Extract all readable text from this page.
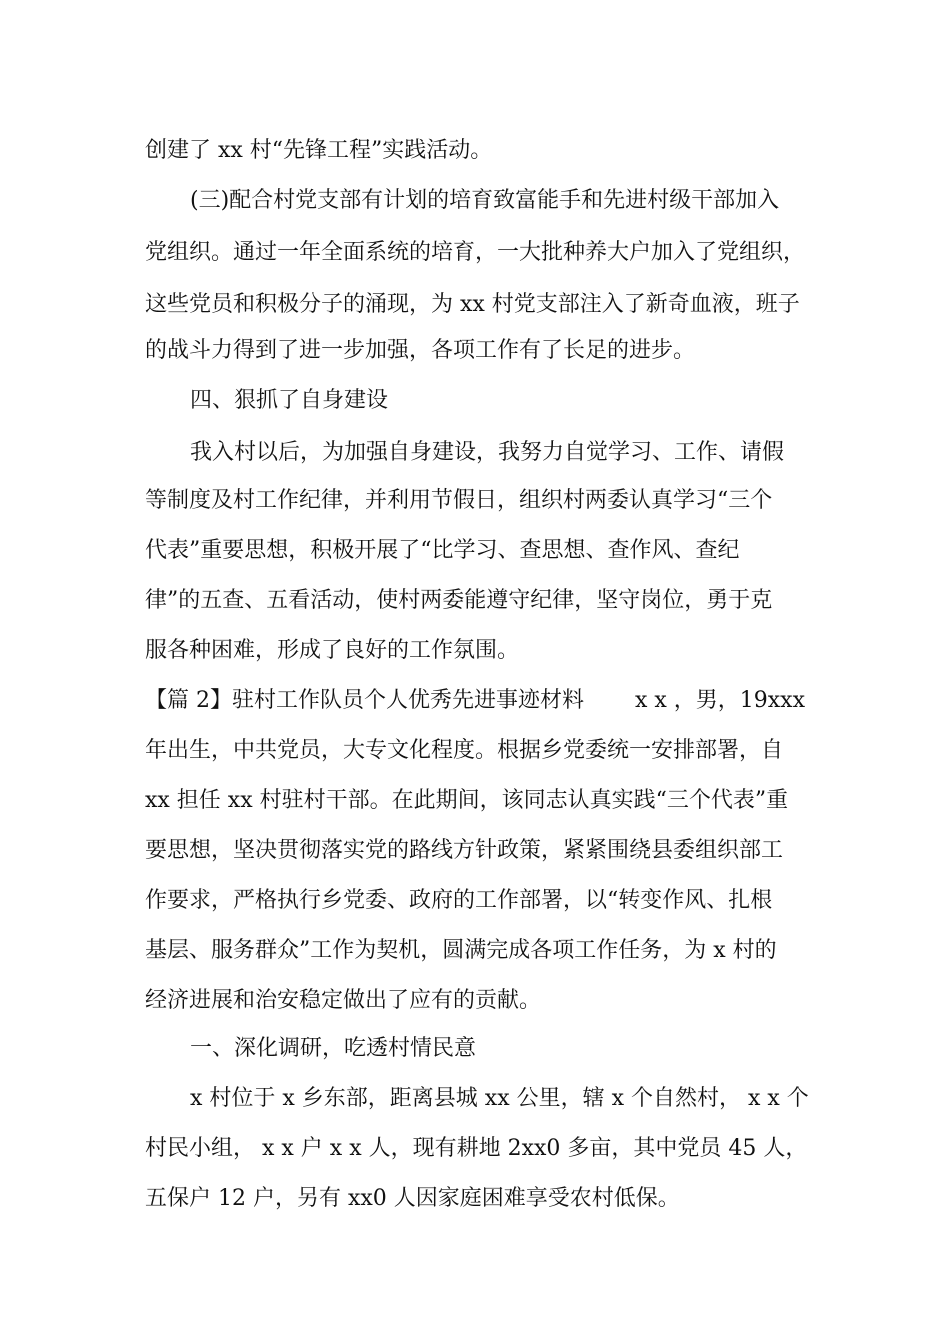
创建了 xx 村“先锋工程”实践活动。
(三)配合村党支部有计划的培育致富能手和先进村级干部加入
党组织。通过一年全面系统的培育，一大批种养大户加入了党组织，
这些党员和积极分子的涌现，为 xx 村党支部注入了新奇血液，班子
的战斗力得到了进一步加强，各项工作有了长足的进步。
四、狠抓了自身建设
我入村以后，为加强自身建设，我努力自觉学习、工作、请假
等制度及村工作纪律，并利用节假日，组织村两委认真学习“三个
代表”重要思想，积极开展了“比学习、查思想、查作风、查纪
律”的五查、五看活动，使村两委能遵守纪律，坚守岗位，勇于克
服各种困难，形成了良好的工作氛围。
【篇 2】驻村工作队员个人优秀先进事迹材料　　 x x ，男，19xxx
年出生，中共党员，大专文化程度。根据乡党委统一安排部署，自
xx 担任 xx 村驻村干部。在此期间，该同志认真实践“三个代表”重
要思想，坚决贯彻落实党的路线方针政策，紧紧围绕县委组织部工
作要求，严格执行乡党委、政府的工作部署，以“转变作风、扎根
基层、服务群众”工作为契机，圆满完成各项工作任务，为 x 村的
经济进展和治安稳定做出了应有的贡献。
一、深化调研，吃透村情民意
x 村位于 x 乡东部，距离县城 xx 公里，辖 x 个自然村， x x 个
村民小组， x x 户 x x 人，现有耕地 2xx0 多亩，其中党员 45 人，
五保户 12 户，另有 xx0 人因家庭困难享受农村低保。
